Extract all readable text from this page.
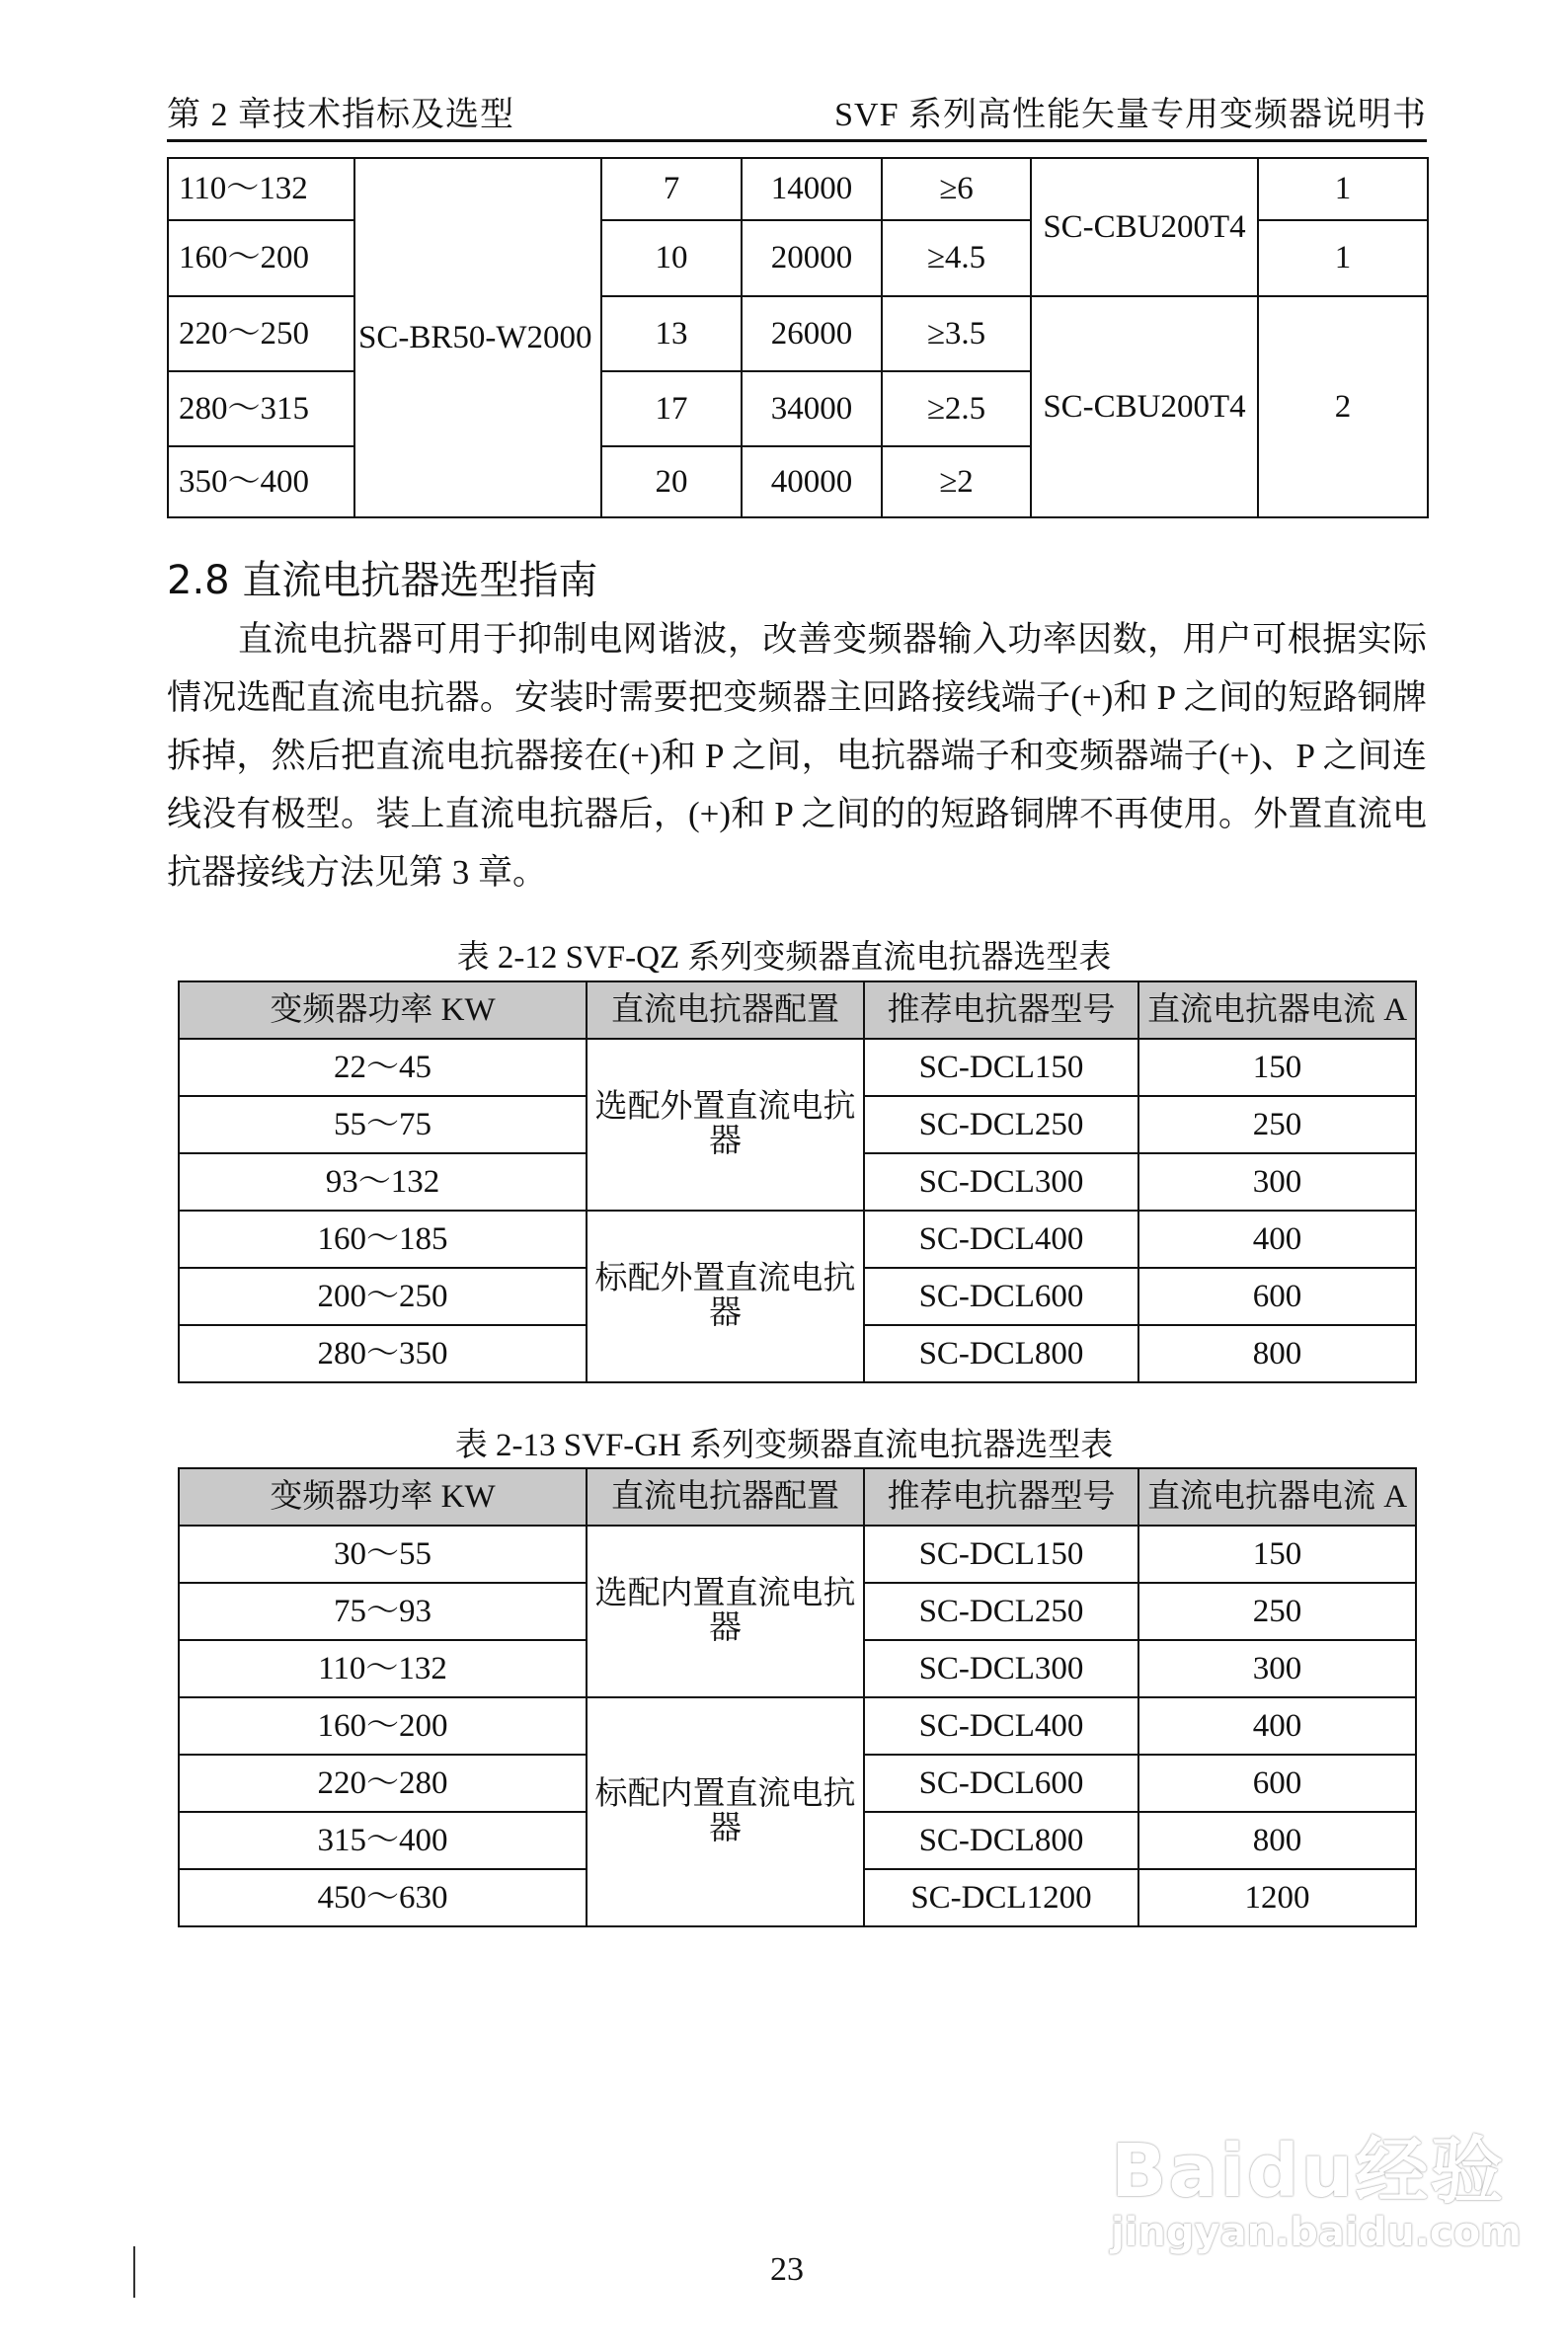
第 2 章技术指标及选型	SVF 系列高性能矢量专用变频器说明书
110～132	SC-BR50-W2000	7	14000	≥6	SC-CBU200T4	1
160～200		10	20000	≥4.5		1
220～250		13	26000	≥3.5	SC-CBU200T4	2
280～315		17	34000	≥2.5		
350～400		20	40000	≥2		
2.8 直流电抗器选型指南

直流电抗器可用于抑制电网谐波，改善变频器输入功率因数，用户可根据实际情况选配直流电抗器。安装时需要把变频器主回路接线端子(+)和 P 之间的短路铜牌拆掉，然后把直流电抗器接在(+)和 P 之间，电抗器端子和变频器端子(+)、P 之间连线没有极型。装上直流电抗器后，(+)和 P 之间的的短路铜牌不再使用。外置直流电抗器接线方法见第 3 章。

表 2-12 SVF-QZ 系列变频器直流电抗器选型表
变频器功率 KW	直流电抗器配置	推荐电抗器型号	直流电抗器电流 A
22～45	选配外置直流电抗器	SC-DCL150	150
55～75		SC-DCL250	250
93～132		SC-DCL300	300
160～185	标配外置直流电抗器	SC-DCL400	400
200～250		SC-DCL600	600
280～350		SC-DCL800	800
表 2-13 SVF-GH 系列变频器直流电抗器选型表
变频器功率 KW	直流电抗器配置	推荐电抗器型号	直流电抗器电流 A
30～55	选配内置直流电抗器	SC-DCL150	150
75～93		SC-DCL250	250
110～132		SC-DCL300	300
160～200	标配内置直流电抗器	SC-DCL400	400
220～280		SC-DCL600	600
315～400		SC-DCL800	800
450～630		SC-DCL1200	1200
23
Baidu经验
jingyan.baidu.com
